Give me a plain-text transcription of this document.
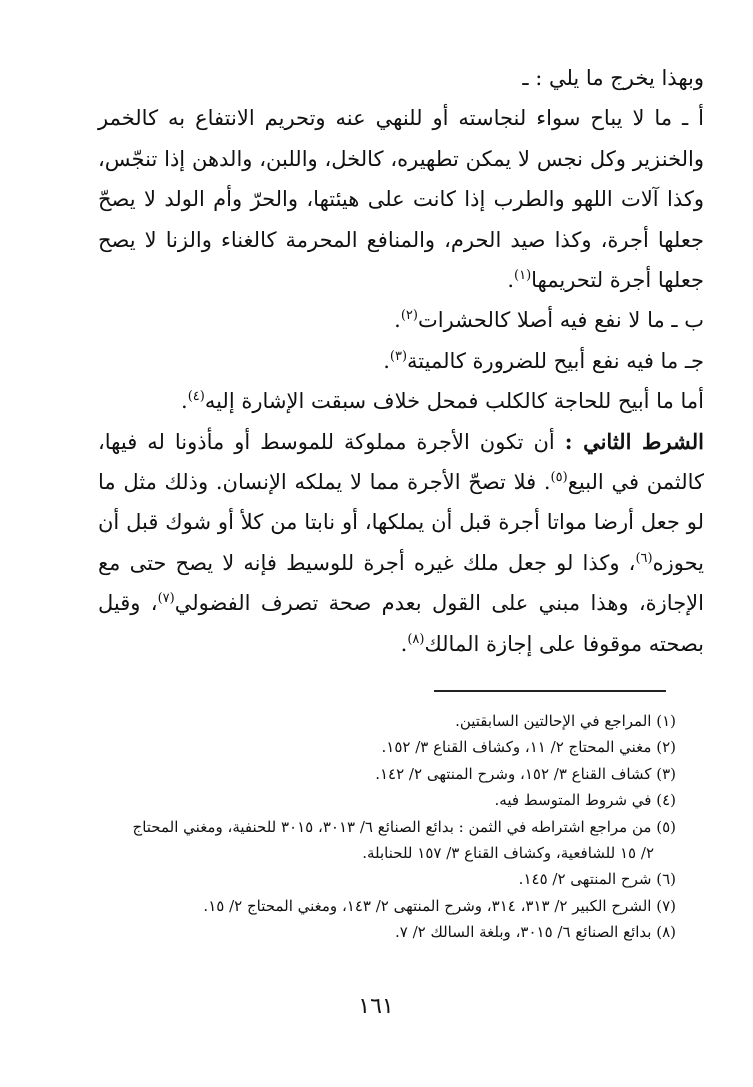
وبهذا يخرج ما يلي : ـ

أ ـ ما لا يباح سواء لنجاسته أو للنهي عنه وتحريم الانتفاع به كالخمر والخنزير وكل نجس لا يمكن تطهيره، كالخل، واللبن، والدهن إذا تنجّس، وكذا آلات اللهو والطرب إذا كانت على هيئتها، والحرّ وأم الولد لا يصحّ جعلها أجرة، وكذا صيد الحرم، والمنافع المحرمة كالغناء والزنا لا يصح جعلها أجرة لتحريمها$^{(١)}$.

ب ـ ما لا نفع فيه أصلا كالحشرات$^{(٢)}$.

جـ ما فيه نفع أبيح للضرورة كالميتة$^{(٣)}$.

أما ما أبيح للحاجة كالكلب فمحل خلاف سبقت الإشارة إليه$^{(٤)}$.

الشرط الثاني : أن تكون الأجرة مملوكة للموسط أو مأذونا له فيها، كالثمن في البيع$^{(٥)}$. فلا تصحّ الأجرة مما لا يملكه الإنسان. وذلك مثل ما لو جعل أرضا مواتا أجرة قبل أن يملكها، أو نابتا من كلأ أو شوك قبل أن يحوزه$^{(٦)}$، وكذا لو جعل ملك غيره أجرة للوسيط فإنه لا يصح حتى مع الإجازة، وهذا مبني على القول بعدم صحة تصرف الفضولي$^{(٧)}$، وقيل بصحته موقوفا على إجازة المالك$^{(٨)}$.

(١) المراجع في الإحالتين السابقتين.

(٢) مغني المحتاج ٢/ ١١، وكشاف القناع ٣/ ١٥٢.

(٣) كشاف القناع ٣/ ١٥٢، وشرح المنتهى ٢/ ١٤٢.

(٤) في شروط المتوسط فيه.

(٥) من مراجع اشتراطه في الثمن : بدائع الصنائع ٦/ ٣٠١٣، ٣٠١٥ للحنفية، ومغني المحتاج

٢/ ١٥ للشافعية، وكشاف القناع ٣/ ١٥٧ للحنابلة.

(٦) شرح المنتهى ٢/ ١٤٥.

(٧) الشرح الكبير ٢/ ٣١٣، ٣١٤، وشرح المنتهى ٢/ ١٤٣، ومغني المحتاج ٢/ ١٥.

(٨) بدائع الصنائع ٦/ ٣٠١٥، وبلغة السالك ٢/ ٧.

١٦١
